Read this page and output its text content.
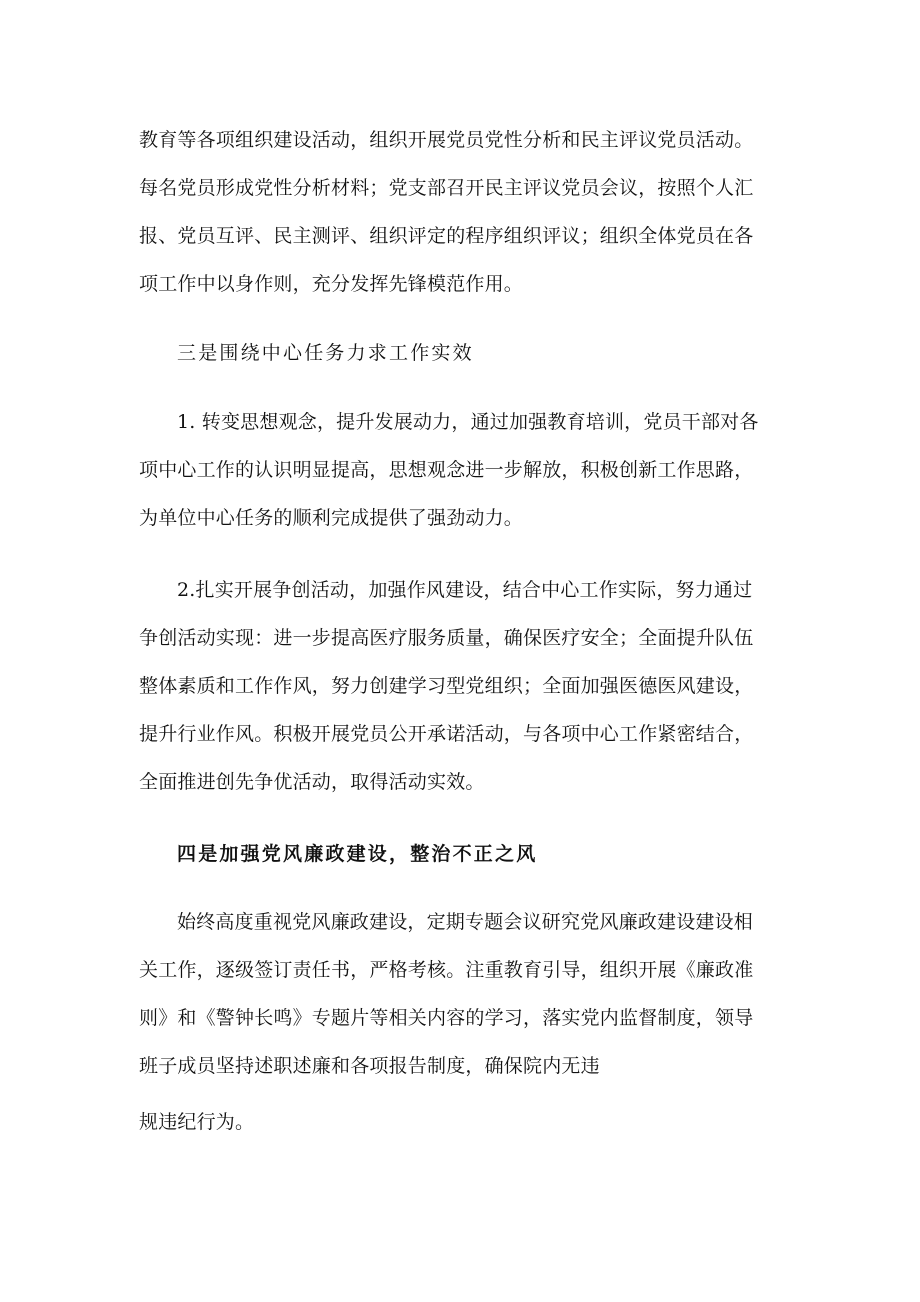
教育等各项组织建设活动，组织开展党员党性分析和民主评议党员活动。
每名党员形成党性分析材料；党支部召开民主评议党员会议，按照个人汇
报、党员互评、民主测评、组织评定的程序组织评议；组织全体党员在各
项工作中以身作则，充分发挥先锋模范作用。
三是围绕中心任务力求工作实效
1. 转变思想观念，提升发展动力，通过加强教育培训，党员干部对各
项中心工作的认识明显提高，思想观念进一步解放，积极创新工作思路，
为单位中心任务的顺利完成提供了强劲动力。
2.扎实开展争创活动，加强作风建设，结合中心工作实际，努力通过
争创活动实现：进一步提高医疗服务质量，确保医疗安全；全面提升队伍
整体素质和工作作风，努力创建学习型党组织；全面加强医德医风建设，
提升行业作风。积极开展党员公开承诺活动，与各项中心工作紧密结合，
全面推进创先争优活动，取得活动实效。
四是加强党风廉政建设，整治不正之风
始终高度重视党风廉政建设，定期专题会议研究党风廉政建设建设相
关工作，逐级签订责任书，严格考核。注重教育引导，组织开展《廉政准
则》和《警钟长鸣》专题片等相关内容的学习，落实党内监督制度，领导
班子成员坚持述职述廉和各项报告制度，确保院内无违
规违纪行为。
